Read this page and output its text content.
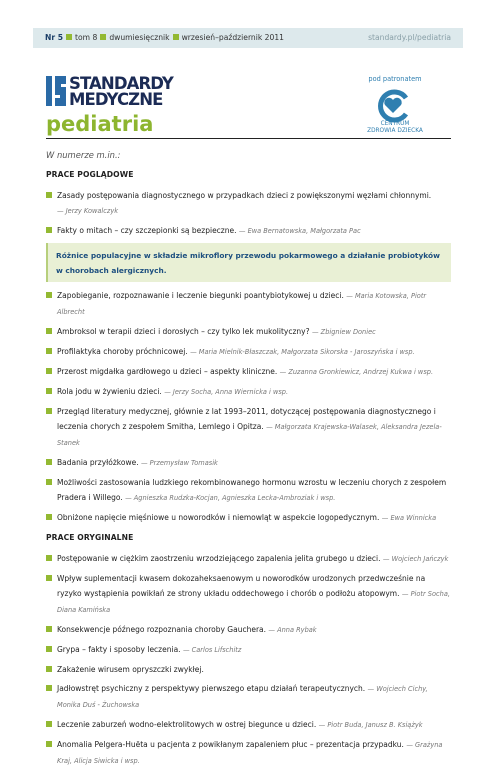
Nr 5 tom 8 dwumiesięcznik wrzesień–październik 2011	standardy.pl/pediatria
STANDARDY
MEDYCZNE
pediatria
pod patronatem
CENTRUM
ZDROWIA DZIECKA
W numerze m.in.:
PRACE POGLĄDOWE
Zasady postępowania diagnostycznego w przypadkach dzieci z powiększonymi węzłami chłonnymi.
— Jerzy Kowalczyk
Fakty o mitach – czy szczepionki są bezpieczne. — Ewa Bernatowska, Małgorzata Pac
Różnice populacyjne w składzie mikroflory przewodu pokarmowego a działanie probiotyków w chorobach alergicznych.
Zapobieganie, rozpoznawanie i leczenie biegunki poantybiotykowej u dzieci. — Maria Kotowska, Piotr Albrecht
Ambroksol w terapii dzieci i dorosłych – czy tylko lek mukolityczny? — Zbigniew Doniec
Profilaktyka choroby próchnicowej. — Maria Mielnik-Błaszczak, Małgorzata Sikorska - Jaroszyńska i wsp.
Przerost migdałka gardłowego u dzieci – aspekty kliniczne. — Zuzanna Gronkiewicz, Andrzej Kukwa i wsp.
Rola jodu w żywieniu dzieci. — Jerzy Socha, Anna Wiernicka i wsp.
Przegląd literatury medycznej, głównie z lat 1993–2011, dotyczącej postępowania diagnostycznego i leczenia chorych z zespołem Smitha, Lemlego i Opitza. — Małgorzata Krajewska-Walasek, Aleksandra Jezela-Stanek
Badania przyłóżkowe. — Przemysław Tomasik
Możliwości zastosowania ludzkiego rekombinowanego hormonu wzrostu w leczeniu chorych z zespołem Pradera i Willego. — Agnieszka Rudzka-Kocjan, Agnieszka Lecka-Ambroziak i wsp.
Obniżone napięcie mięśniowe u noworodków i niemowląt w aspekcie logopedycznym. — Ewa Winnicka
PRACE ORYGINALNE
Postępowanie w ciężkim zaostrzeniu wrzodziejącego zapalenia jelita grubego u dzieci. — Wojciech Jańczyk
Wpływ suplementacji kwasem dokozaheksaenowym u noworodków urodzonych przedwcześnie na ryzyko wystąpienia powikłań ze strony układu oddechowego i chorób o podłożu atopowym. — Piotr Socha, Diana Kamińska
Konsekwencje późnego rozpoznania choroby Gauchera. — Anna Rybak
Grypa – fakty i sposoby leczenia. — Carlos Lifschitz
Zakażenie wirusem opryszczki zwykłej.
Jadłowstręt psychiczny z perspektywy pierwszego etapu działań terapeutycznych. — Wojciech Cichy, Monika Duś - Żuchowska
Leczenie zaburzeń wodno-elektrolitowych w ostrej biegunce u dzieci. — Piotr Buda, Janusz B. Książyk
Anomalia Pelgera-Huëta u pacjenta z powikłanym zapaleniem płuc – prezentacja przypadku. — Grażyna Kraj, Alicja Siwicka i wsp.
